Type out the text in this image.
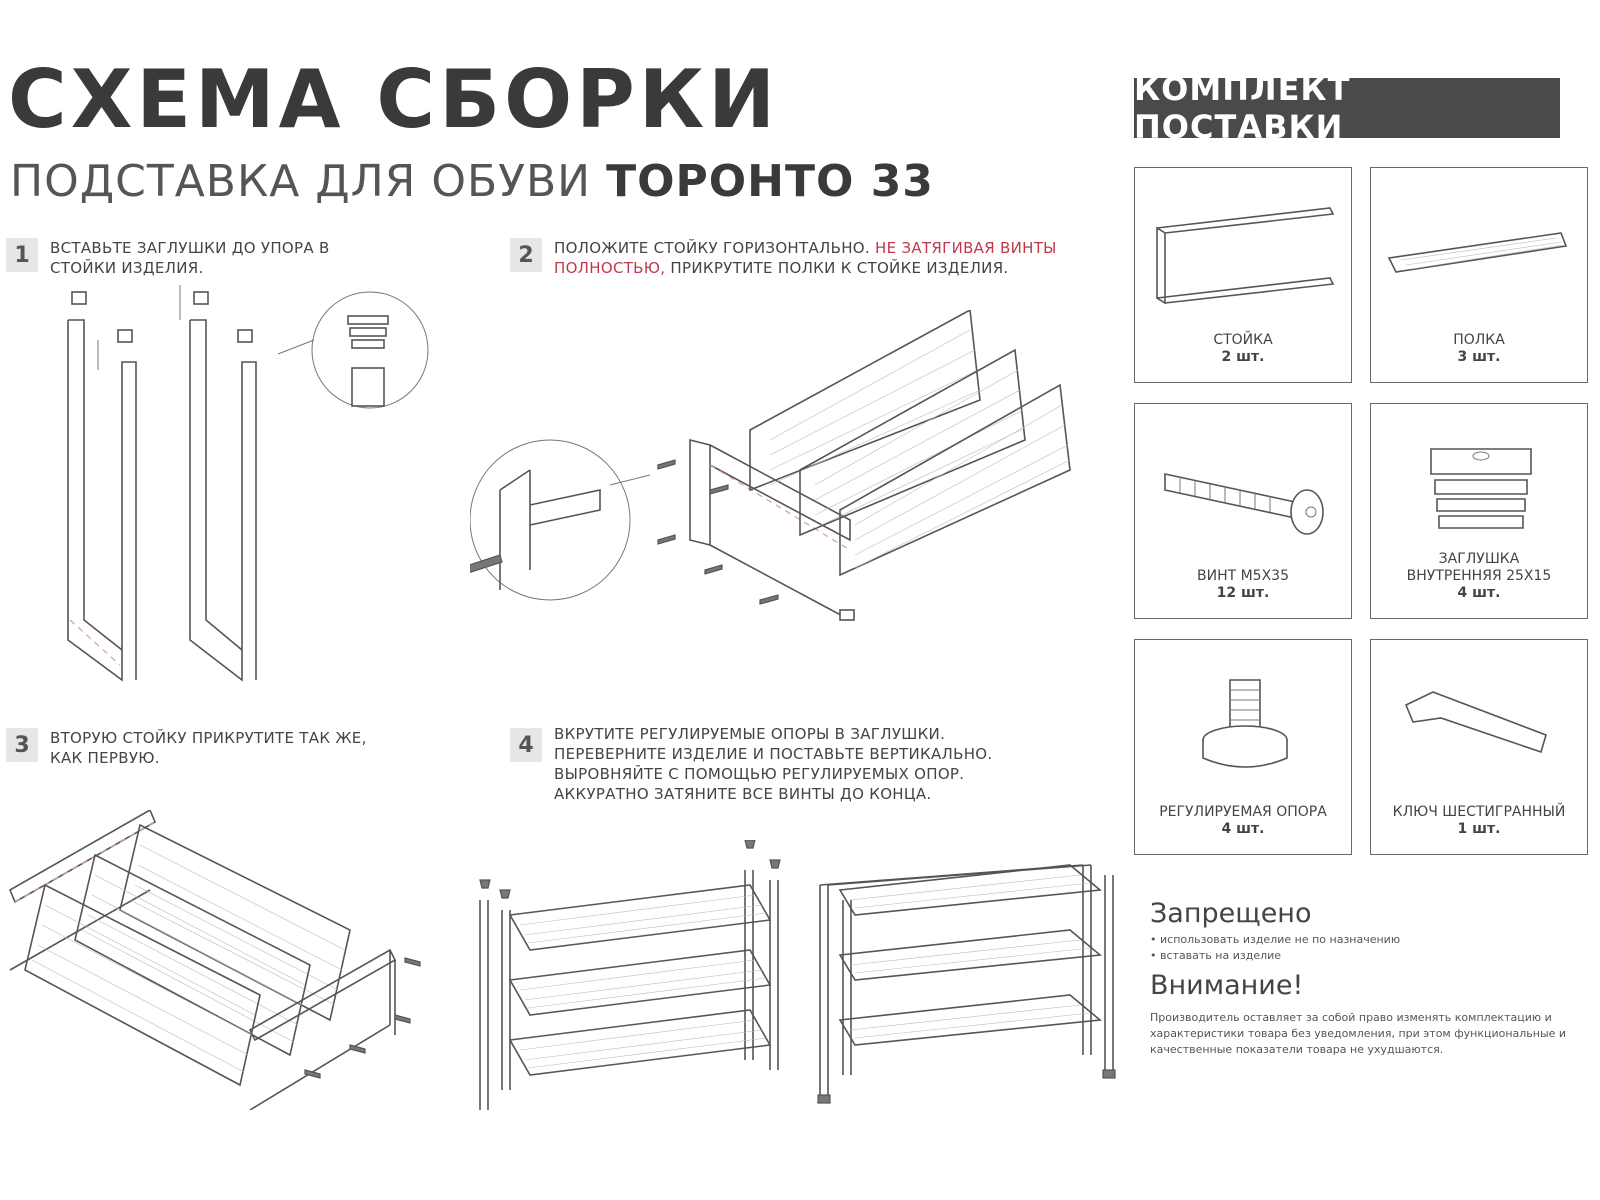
СХЕМА СБОРКИ
ПОДСТАВКА ДЛЯ ОБУВИ ТОРОНТО 33
1	ВСТАВЬТЕ ЗАГЛУШКИ ДО УПОРА В СТОЙКИ ИЗДЕЛИЯ.
2	ПОЛОЖИТЕ СТОЙКУ ГОРИЗОНТАЛЬНО. НЕ ЗАТЯГИВАЯ ВИНТЫ ПОЛНОСТЬЮ, ПРИКРУТИТЕ ПОЛКИ К СТОЙКЕ ИЗДЕЛИЯ.
3	ВТОРУЮ СТОЙКУ ПРИКРУТИТЕ ТАК ЖЕ, КАК ПЕРВУЮ.
4	ВКРУТИТЕ РЕГУЛИРУЕМЫЕ ОПОРЫ В ЗАГЛУШКИ. ПЕРЕВЕРНИТЕ ИЗДЕЛИЕ И ПОСТАВЬТЕ ВЕРТИКАЛЬНО. ВЫРОВНЯЙТЕ С ПОМОЩЬЮ РЕГУЛИРУЕМЫХ ОПОР. АККУРАТНО ЗАТЯНИТЕ ВСЕ ВИНТЫ ДО КОНЦА.
КОМПЛЕКТ ПОСТАВКИ
СТОЙКА
2 шт.
ПОЛКА
3 шт.
ВИНТ М5Х35
12 шт.
ЗАГЛУШКА ВНУТРЕННЯЯ 25Х15
4 шт.
РЕГУЛИРУЕМАЯ ОПОРА
4 шт.
КЛЮЧ ШЕСТИГРАННЫЙ
1 шт.
Запрещено
• использовать изделие не по назначению
• вставать на изделие
Внимание!

Производитель оставляет за собой право изменять комплектацию и характеристики товара без уведомления, при этом функциональные и качественные показатели товара не ухудшаются.
